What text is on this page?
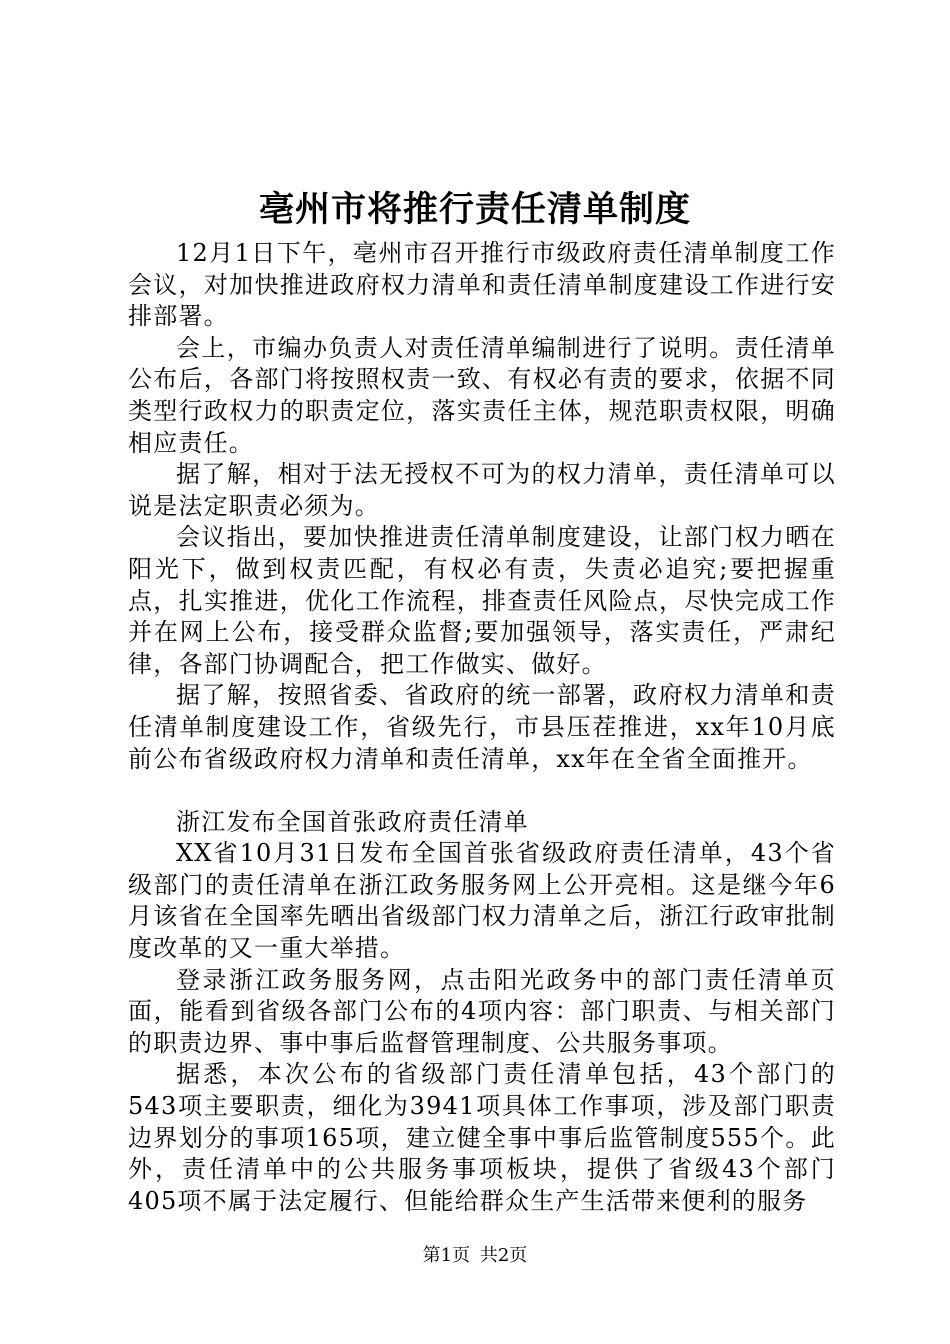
亳州市将推行责任清单制度

12月1日下午，亳州市召开推行市级政府责任清单制度工作会议，对加快推进政府权力清单和责任清单制度建设工作进行安排部署。

会上，市编办负责人对责任清单编制进行了说明。责任清单公布后，各部门将按照权责一致、有权必有责的要求，依据不同类型行政权力的职责定位，落实责任主体，规范职责权限，明确相应责任。

据了解，相对于法无授权不可为的权力清单，责任清单可以说是法定职责必须为。

会议指出，要加快推进责任清单制度建设，让部门权力晒在阳光下，做到权责匹配，有权必有责，失责必追究;要把握重点，扎实推进，优化工作流程，排查责任风险点，尽快完成工作并在网上公布，接受群众监督;要加强领导，落实责任，严肃纪律，各部门协调配合，把工作做实、做好。

据了解，按照省委、省政府的统一部署，政府权力清单和责任清单制度建设工作，省级先行，市县压茬推进，xx年10月底前公布省级政府权力清单和责任清单，xx年在全省全面推开。

浙江发布全国首张政府责任清单

XX省10月31日发布全国首张省级政府责任清单，43个省级部门的责任清单在浙江政务服务网上公开亮相。这是继今年6月该省在全国率先晒出省级部门权力清单之后，浙江行政审批制度改革的又一重大举措。

登录浙江政务服务网，点击阳光政务中的部门责任清单页面，能看到省级各部门公布的4项内容：部门职责、与相关部门的职责边界、事中事后监督管理制度、公共服务事项。

据悉，本次公布的省级部门责任清单包括，43个部门的543项主要职责，细化为3941项具体工作事项，涉及部门职责边界划分的事项165项，建立健全事中事后监管制度555个。此外，责任清单中的公共服务事项板块，提供了省级43个部门405项不属于法定履行、但能给群众生产生活带来便利的服务

第1页 共2页
